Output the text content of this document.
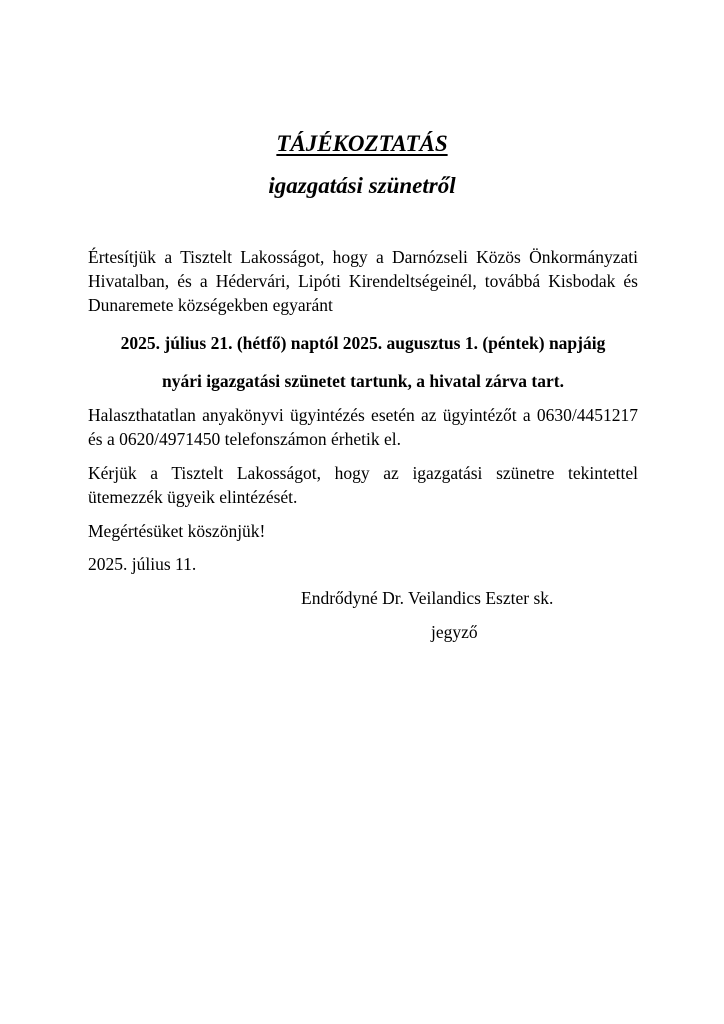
TÁJÉKOZTATÁS

igazgatási szünetről

Értesítjük a Tisztelt Lakosságot, hogy a Darnózseli Közös Önkormányzati Hivatalban, és a Hédervári, Lipóti Kirendeltségeinél, továbbá Kisbodak és Dunaremete községekben egyaránt

2025. július 21. (hétfő) naptól 2025. augusztus 1. (péntek) napjáig

nyári igazgatási szünetet tartunk, a hivatal zárva tart.

Halaszthatatlan anyakönyvi ügyintézés esetén az ügyintézőt a 0630/4451217 és a 0620/4971450 telefonszámon érhetik el.

Kérjük a Tisztelt Lakosságot, hogy az igazgatási szünetre tekintettel ütemezzék ügyeik elintézését.

Megértésüket köszönjük!

2025. július 11.

Endrődyné Dr. Veilandics Eszter sk.

jegyző
